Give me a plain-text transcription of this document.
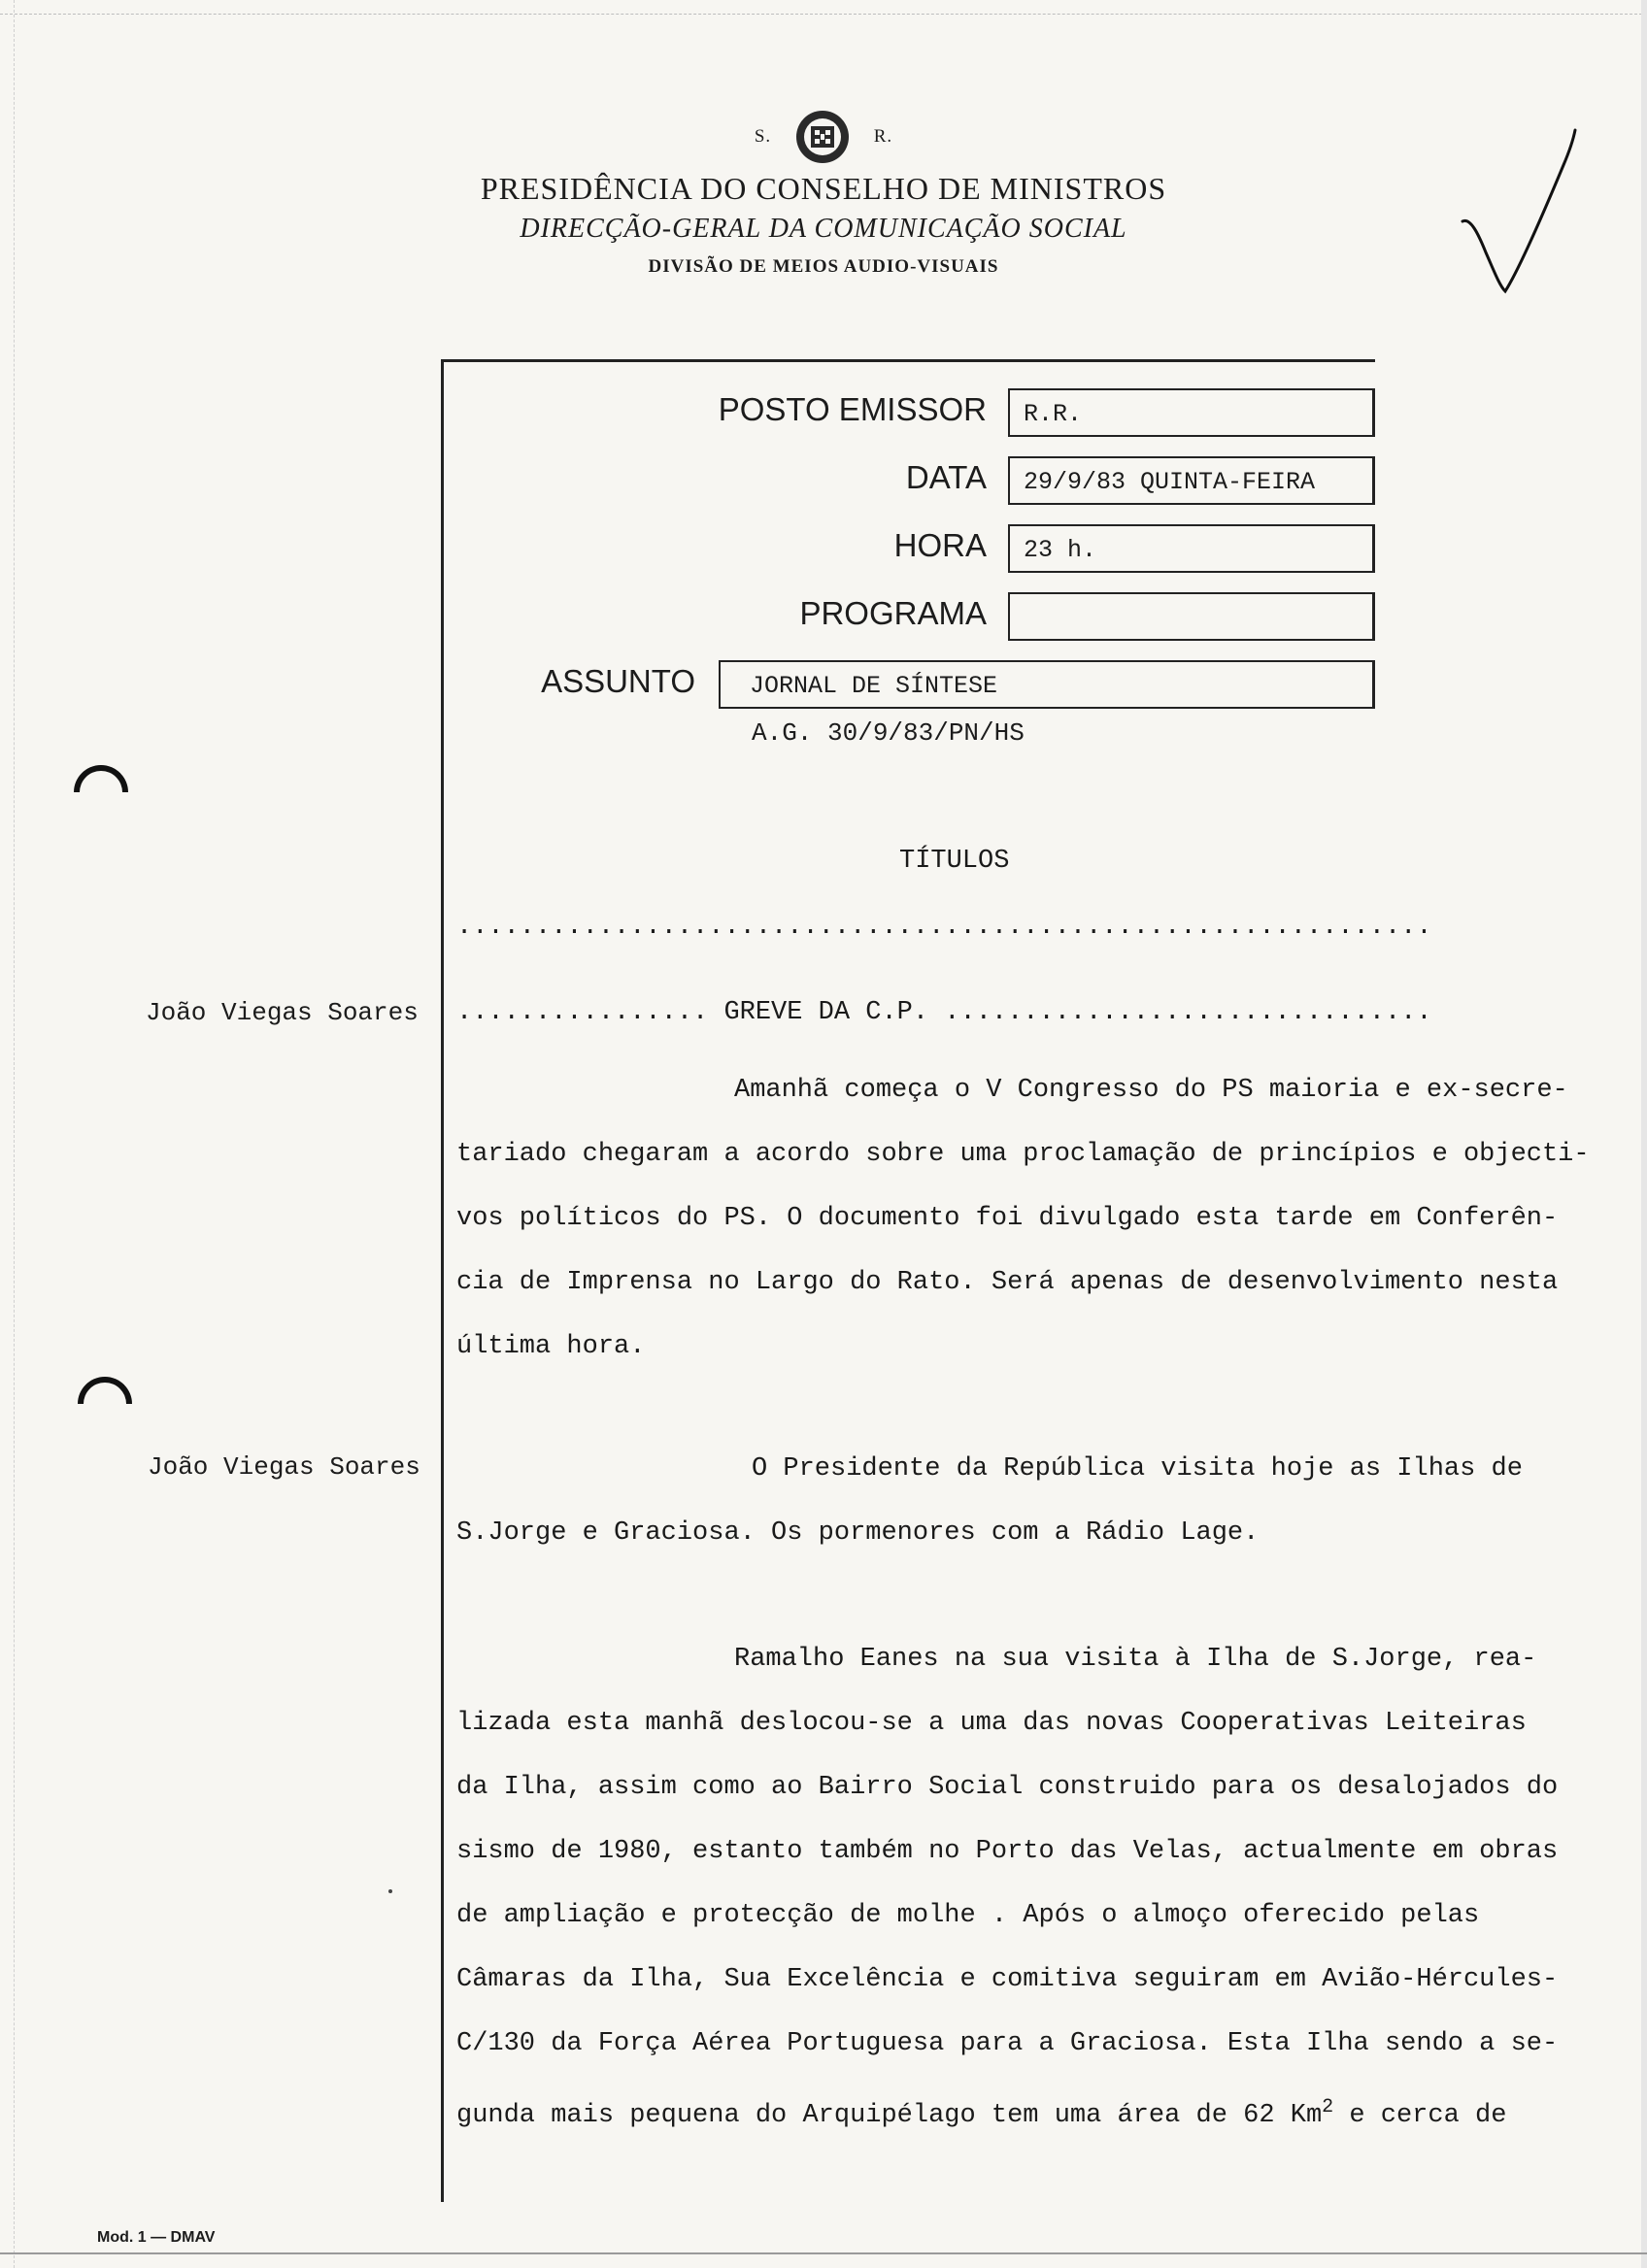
S.	R.
PRESIDÊNCIA DO CONSELHO DE MINISTROS
DIRECÇÃO-GERAL DA COMUNICAÇÃO SOCIAL
DIVISÃO DE MEIOS AUDIO-VISUAIS
POSTO EMISSOR	R.R.
DATA	29/9/83 QUINTA-FEIRA
HORA	23 h.
PROGRAMA
ASSUNTO	JORNAL DE SÍNTESE
A.G. 30/9/83/PN/HS
TÍTULOS
..............................................................
João Viegas Soares ................ GREVE DA C.P. ...............................

Amanhã começa o V Congresso do PS maioria e ex-secre-

tariado chegaram a acordo sobre uma proclamação de princípios e objecti-

vos políticos do PS. O documento foi divulgado esta tarde em Conferên-

cia de Imprensa no Largo do Rato. Será apenas de desenvolvimento nesta

última hora.

João Viegas Soares	O Presidente da República visita hoje as Ilhas de

S.Jorge e Graciosa. Os pormenores com a Rádio Lage.

Ramalho Eanes na sua visita à Ilha de S.Jorge, rea-

lizada esta manhã deslocou-se a uma das novas Cooperativas Leiteiras

da Ilha, assim como ao Bairro Social construido para os desalojados do

sismo de 1980, estanto também no Porto das Velas, actualmente em obras

de ampliação e protecção de molhe . Após o almoço oferecido pelas

Câmaras da Ilha, Sua Excelência e comitiva seguiram em Avião-Hércules-

C/130 da Força Aérea Portuguesa para a Graciosa. Esta Ilha sendo a se-

gunda mais pequena do Arquipélago tem uma área de 62 Km$^2$ e cerca de

Mod. 1 — DMAV
